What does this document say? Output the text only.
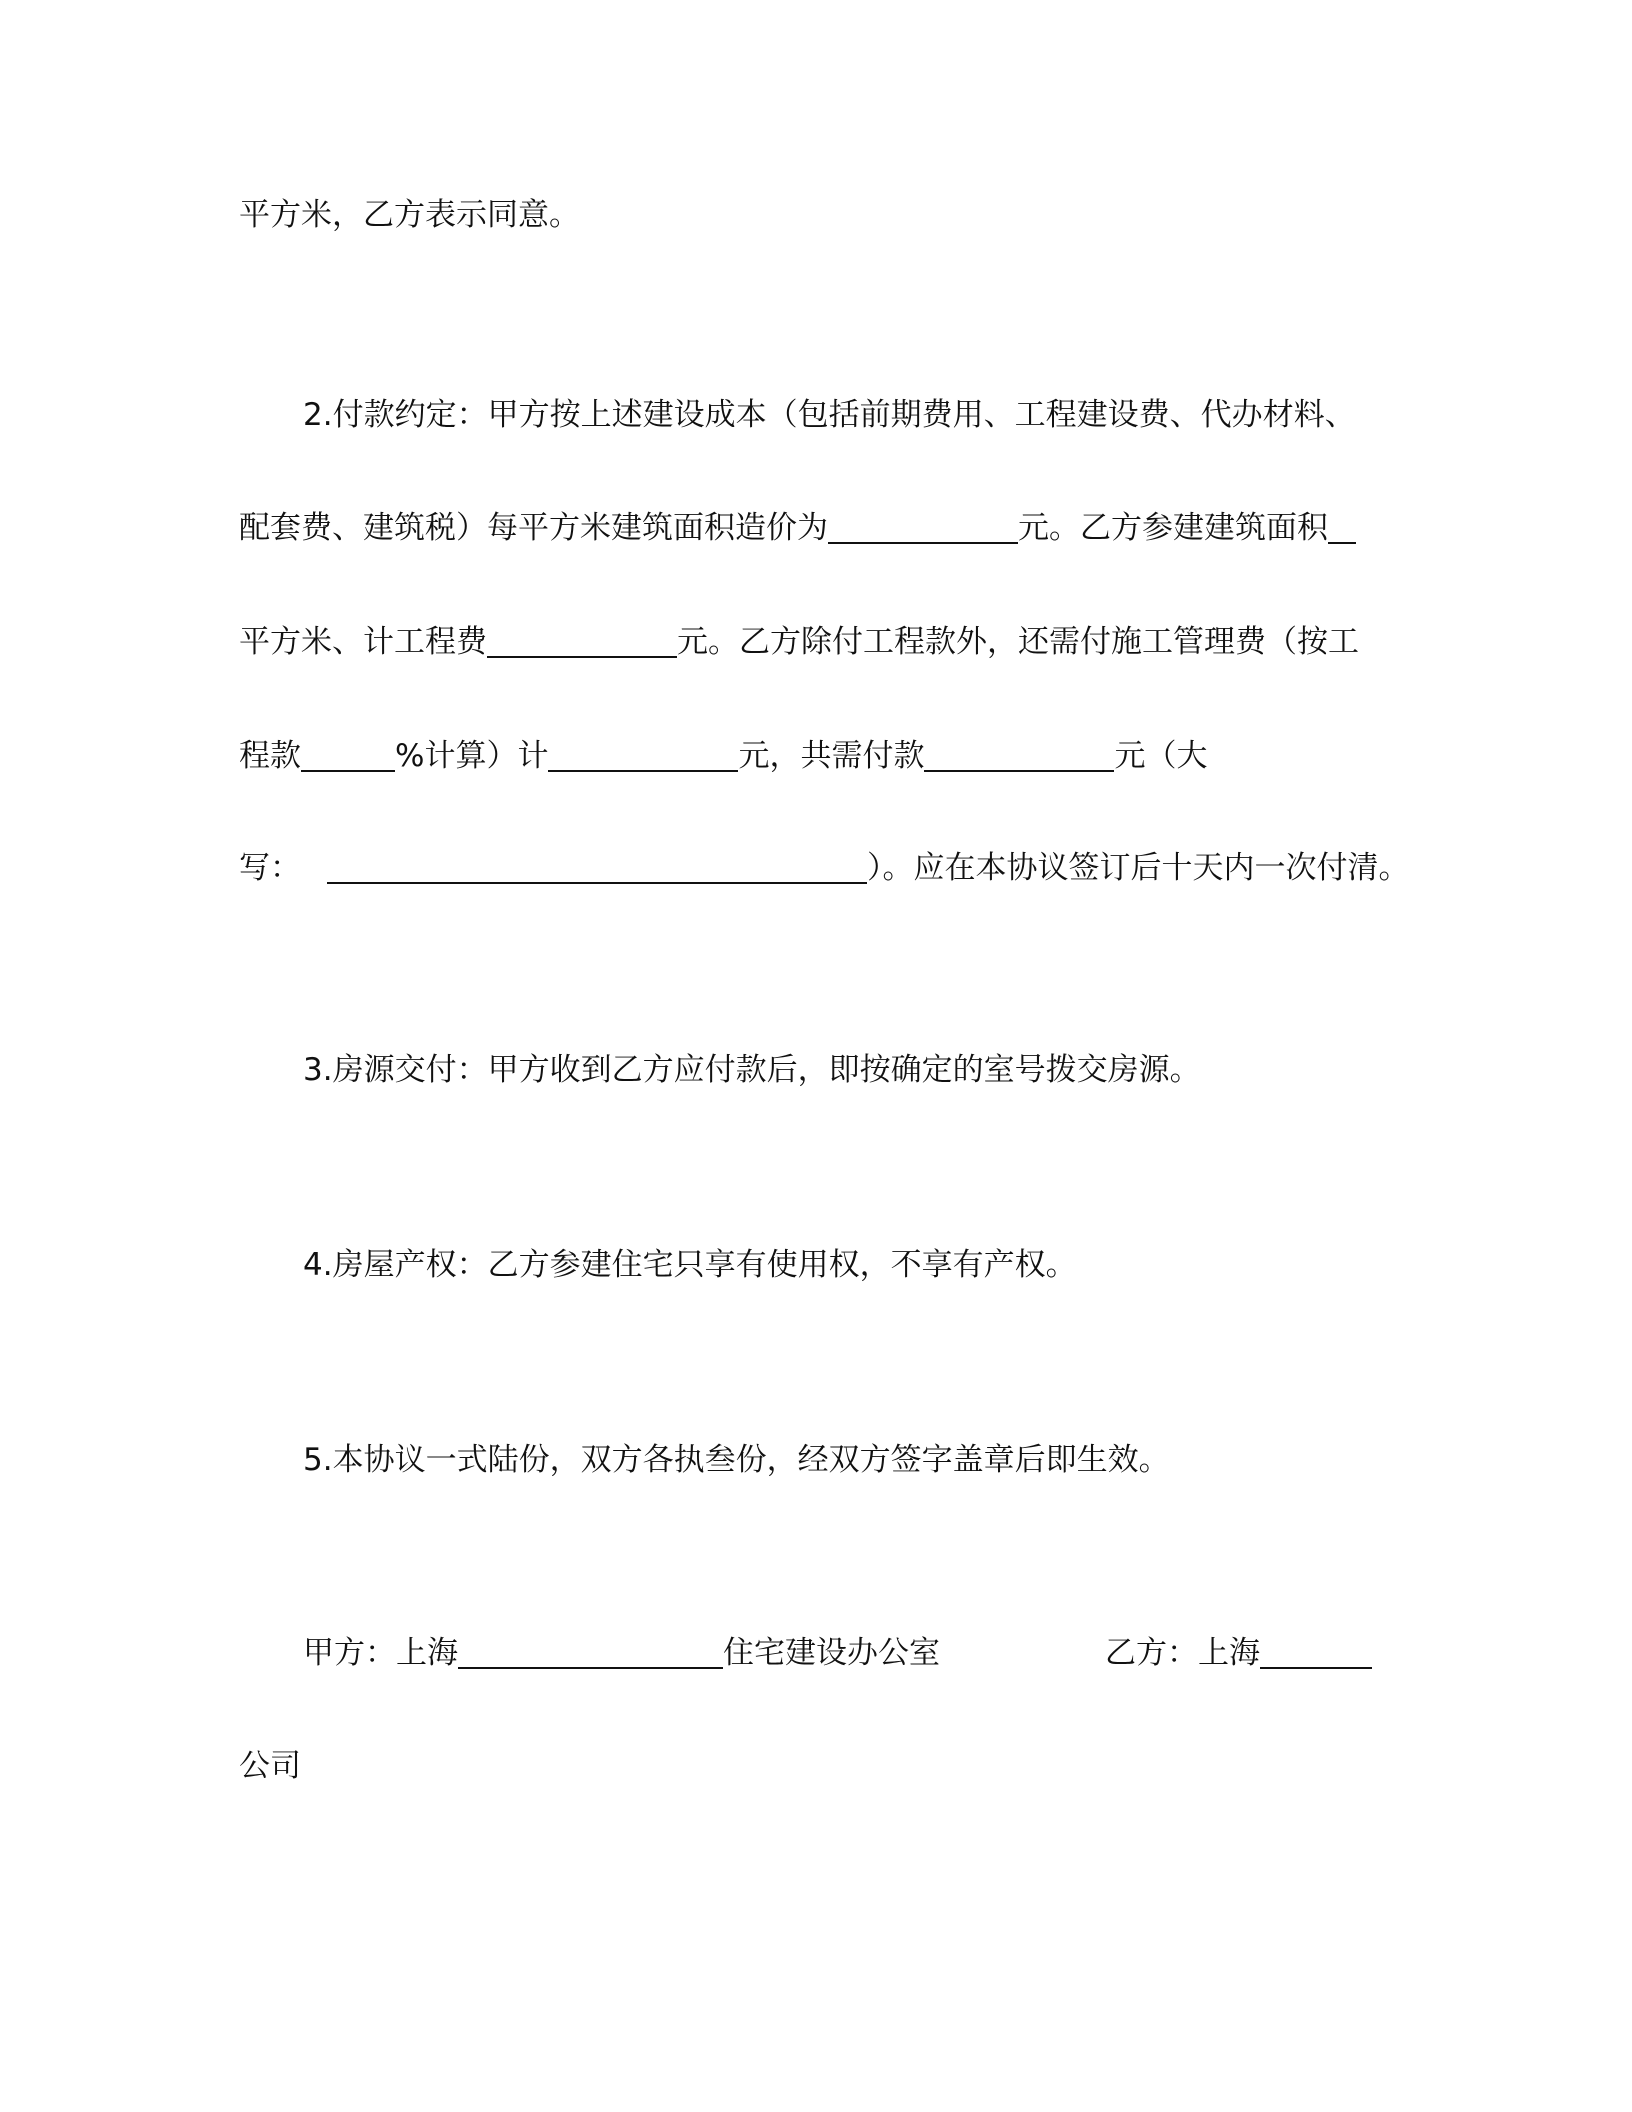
平方米，乙方表示同意。
2.付款约定：甲方按上述建设成本（包括前期费用、工程建设费、代办材料、
配套费、建筑税）每平方米建筑面积造价为	元。乙方参建建筑面积
平方米、计工程费	元。乙方除付工程款外，还需付施工管理费（按工
程款	%计算）计	元，共需付款	元（大
写：	）。应在本协议签订后十天内一次付清。
3.房源交付：甲方收到乙方应付款后，即按确定的室号拨交房源。
4.房屋产权：乙方参建住宅只享有使用权，不享有产权。
5.本协议一式陆份，双方各执叁份，经双方签字盖章后即生效。
甲方：上海	住宅建设办公室	乙方：上海
公司
